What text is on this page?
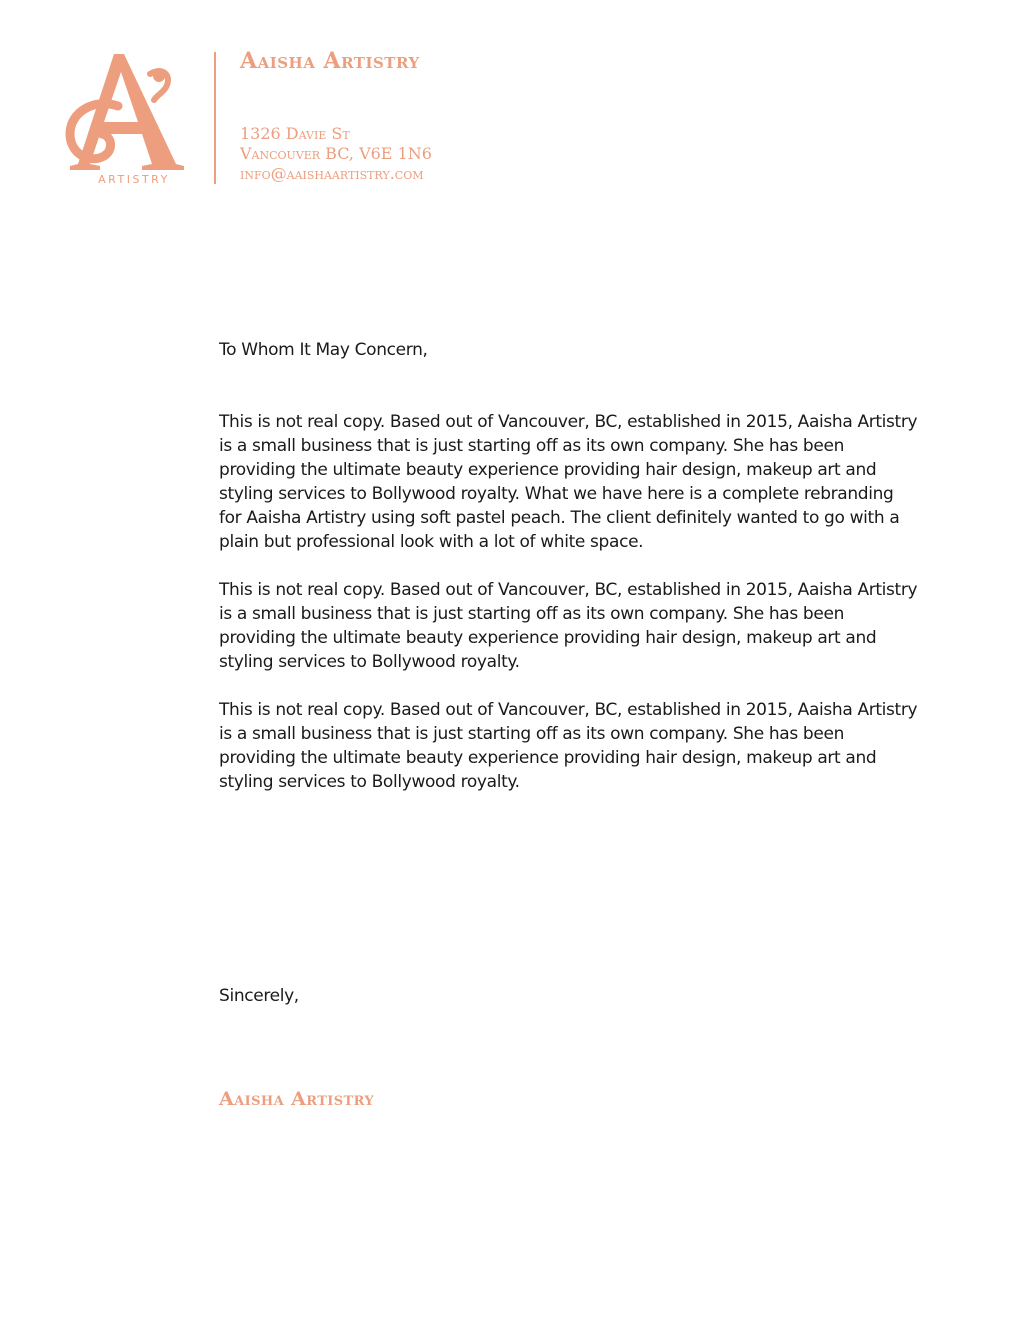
ARTISTRY
Aaisha Artistry
1326 Davie St
Vancouver BC, V6E 1N6
info@aaishaartistry.com

To Whom It May Concern,

This is not real copy. Based out of Vancouver, BC, established in 2015, Aaisha Artistry is a small business that is just starting off as its own company. She has been providing the ultimate beauty experience providing hair design, makeup art and styling services to Bollywood royalty. What we have here is a complete rebranding for Aaisha Artistry using soft pastel peach. The client definitely wanted to go with a plain but professional look with a lot of white space.

This is not real copy. Based out of Vancouver, BC, established in 2015, Aaisha Artistry is a small business that is just starting off as its own company. She has been providing the ultimate beauty experience providing hair design, makeup art and styling services to Bollywood royalty.

This is not real copy. Based out of Vancouver, BC, established in 2015, Aaisha Artistry is a small business that is just starting off as its own company. She has been providing the ultimate beauty experience providing hair design, makeup art and styling services to Bollywood royalty.

Sincerely,
Aaisha Artistry
